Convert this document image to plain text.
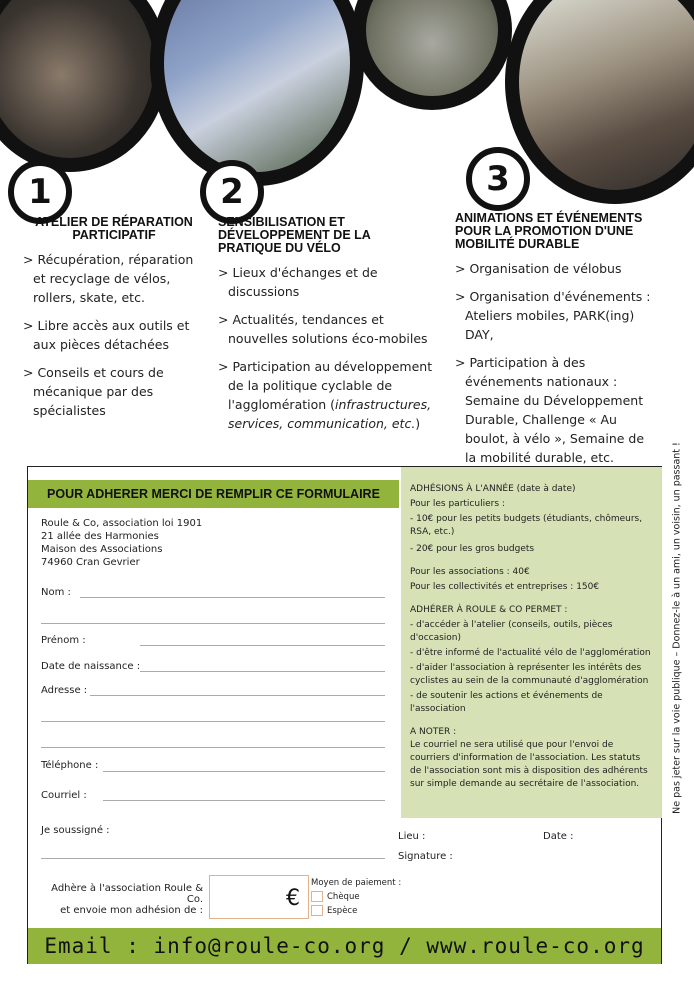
1	2	3
ATELIER DE RÉPARATION PARTICIPATIF
> Récupération, réparation et recyclage de vélos, rollers, skate, etc.
> Libre accès aux outils et aux pièces détachées
> Conseils et cours de mécanique par des spécialistes
SENSIBILISATION ET DÉVELOPPEMENT DE LA PRATIQUE DU VÉLO
> Lieux d'échanges et de discussions
> Actualités, tendances et nouvelles solutions éco-mobiles
> Participation au développement de la politique cyclable de l'agglomération (infrastructures, services, communication, etc.)
ANIMATIONS ET ÉVÉNEMENTS POUR LA PROMOTION D'UNE MOBILITÉ DURABLE
> Organisation de vélobus
> Organisation d'événements : Ateliers mobiles, PARK(ing) DAY,
> Participation à des événements nationaux : Semaine du Développement Durable, Challenge « Au boulot, à vélo », Semaine de la mobilité durable, etc.	Ne pas jeter sur la voie publique – Donnez-le à un ami, un voisin, un passant !
POUR ADHERER MERCI DE REMPLIR CE FORMULAIRE
Roule & Co, association loi 1901
21 allée des Harmonies
Maison des Associations
74960 Cran Gevrier
Nom :
Prénom :
Date de naissance :
Adresse :
Téléphone :
Courriel :
Je soussigné :
Adhère à l'association Roule & Co.
et envoie mon adhésion de :	€
Moyen de paiement :
Chèque
Espèce
Lieu :	Date :
Signature :

ADHÉSIONS À L'ANNÉE (date à date)

Pour les particuliers :

- 10€ pour les petits budgets (étudiants, chômeurs, RSA, etc.)

- 20€ pour les gros budgets

Pour les associations : 40€

Pour les collectivités et entreprises : 150€

ADHÉRER À ROULE & CO PERMET :

- d'accéder à l'atelier (conseils, outils, pièces d'occasion)

- d'être informé de l'actualité vélo de l'agglomération

- d'aider l'association à représenter les intérêts des cyclistes au sein de la communauté d'agglomération

- de soutenir les actions et événements de l'association

A NOTER :

Le courriel ne sera utilisé que pour l'envoi de courriers d'information de l'association. Les statuts de l'association sont mis à disposition des adhérents sur simple demande au secrétaire de l'association.

Email : info@roule-co.org / www.roule-co.org
